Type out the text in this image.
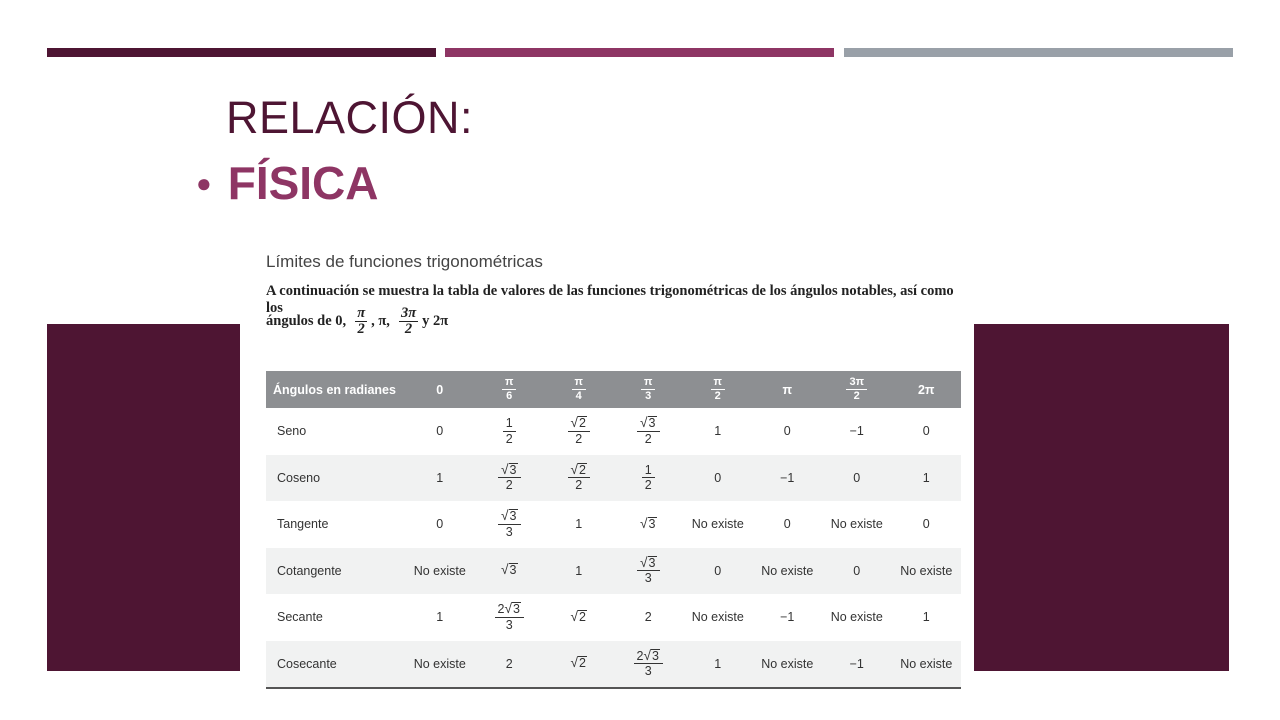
RELACIÓN:
● FÍSICA
Límites de funciones trigonométricas

A continuación se muestra la tabla de valores de las funciones trigonométricas de los ángulos notables, así como los

ángulos de 0, $\frac{\pi}{2}$ , π, $\frac{3\pi}{2}$ y 2π

Ángulos en radianes	0	$\frac{\pi}{6}$	$\frac{\pi}{4}$	$\frac{\pi}{3}$	$\frac{\pi}{2}$	π	$\frac{3\pi}{2}$	2π
Seno	0	$\frac{1}{2}$	$\frac{√ 2}{2}$	$\frac{√ 3}{2}$	1	0	−1	0
Coseno	1	$\frac{√ 3}{2}$	$\frac{√ 2}{2}$	$\frac{1}{2}$	0	−1	0	1
Tangente	0	$\frac{√ 3}{3}$	1	√ 3	No existe	0	No existe	0
Cotangente	No existe	√ 3	1	$\frac{√ 3}{3}$	0	No existe	0	No existe
Secante	1	$\frac{2 √ 3}{3}$	√ 2	2	No existe	−1	No existe	1
Cosecante	No existe	2	√ 2	$\frac{2 √ 3}{3}$	1	No existe	−1	No existe
